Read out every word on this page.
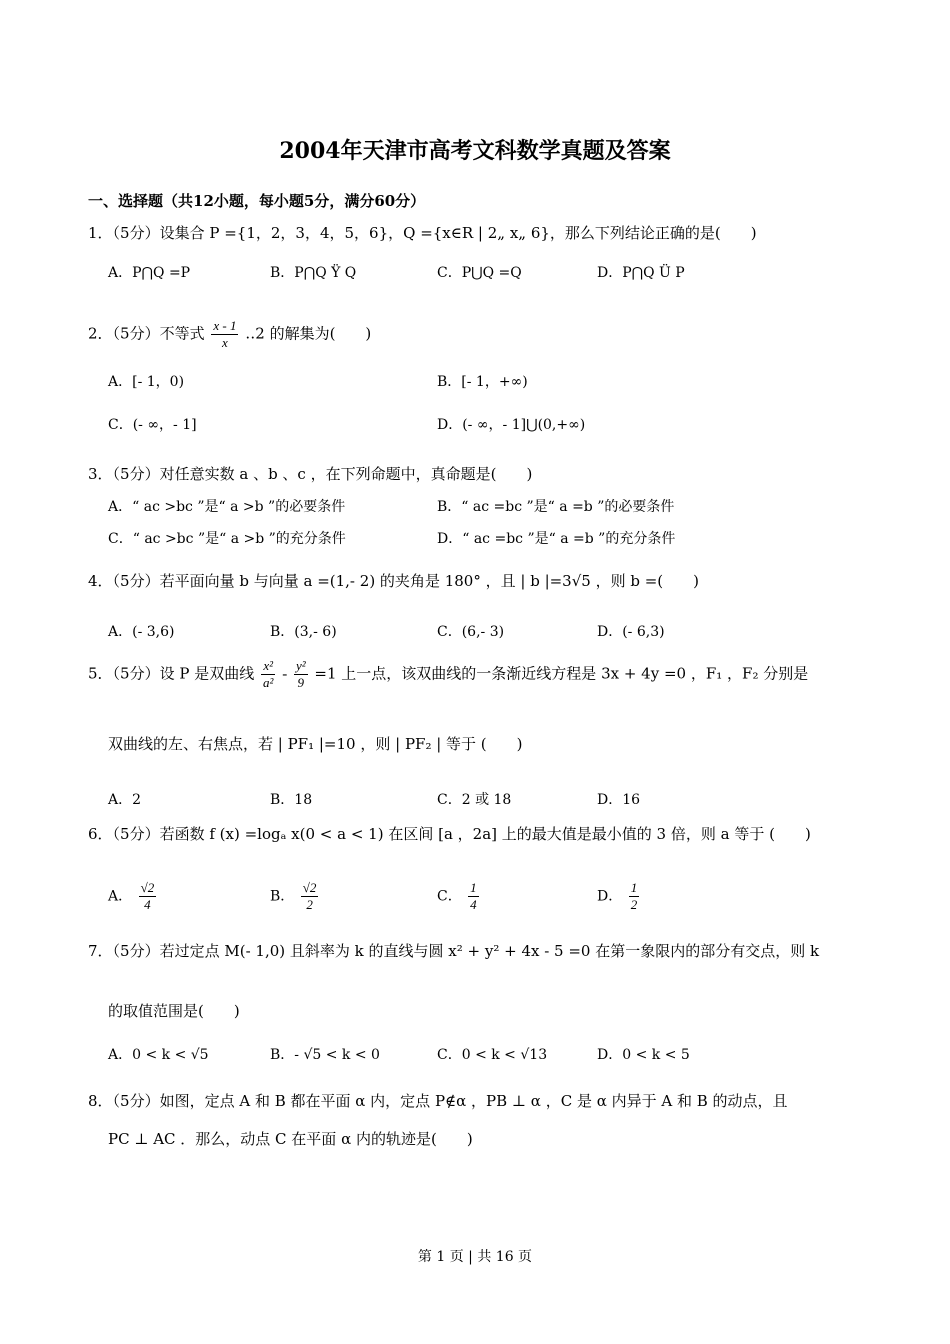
2004年天津市高考文科数学真题及答案
一、选择题（共12小题，每小题5分，满分60分）
1．（5分）设集合 P ={1，2，3，4，5，6}，Q ={x∈R | 2„ x„ 6}，那么下列结论正确的是(　　)
A．P⋂Q =P	B．P⋂Q Ÿ Q	C．P⋃Q =Q	D．P⋂Q Ü P
2．（5分）不等式 $\frac{x - 1}{x}$ ‥2 的解集为(　　)
A．[- 1，0)	B．[- 1，+∞)
C．(- ∞，- 1]	D．(- ∞，- 1]⋃(0,+∞)
3．（5分）对任意实数 a 、b 、c ，在下列命题中，真命题是(　　)
A．“ ac >bc ”是“ a >b ”的必要条件	B．“ ac =bc ”是“ a =b ”的必要条件
C．“ ac >bc ”是“ a >b ”的充分条件	D．“ ac =bc ”是“ a =b ”的充分条件
4．（5分）若平面向量 b 与向量 a =(1,- 2) 的夹角是 180° ，且 | b |=3√5 ，则 b =(　　)
A．(- 3,6)	B．(3,- 6)	C．(6,- 3)	D．(- 6,3)
5．（5分）设 P 是双曲线 $\frac{\text{x²}}{\text{a²}} - \frac{\text{y²}}{9} =1$ 上一点，该双曲线的一条渐近线方程是 3x + 4y =0 ，F₁ ，F₂ 分别是
双曲线的左、右焦点，若 | PF₁ |=10 ，则 | PF₂ | 等于 (　　)
A．2	B．18	C．2 或 18	D．16
6．（5分）若函数 f (x) =logₐ x(0 < a < 1) 在区间 [a ，2a] 上的最大值是最小值的 3 倍，则 a 等于 (　　)
A． $\frac{√2}{4}$	B． $\frac{√2}{2}$	C． $\frac{1}{4}$	D． $\frac{1}{2}$
7．（5分）若过定点 M(- 1,0) 且斜率为 k 的直线与圆 x² + y² + 4x - 5 =0 在第一象限内的部分有交点，则 k
的取值范围是(　　)
A．0 < k < √5	B．- √5 < k < 0	C．0 < k < √13	D．0 < k < 5
8．（5分）如图，定点 A 和 B 都在平面 α 内，定点 P∉α ，PB ⊥ α ，C 是 α 内异于 A 和 B 的动点，且
PC ⊥ AC ．那么，动点 C 在平面 α 内的轨迹是(　　)
第 1 页 | 共 16 页
